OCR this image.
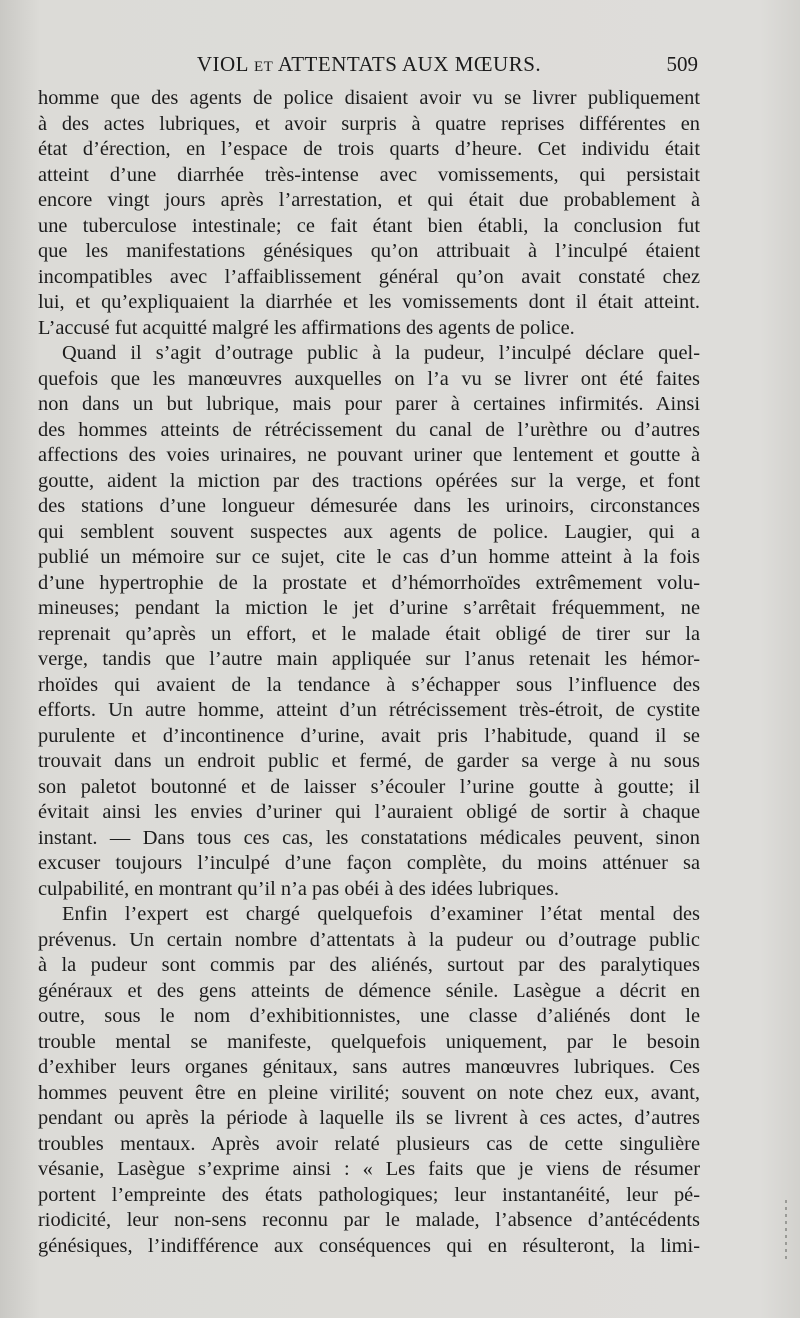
VIOL ET ATTENTATS AUX MŒURS.	509
homme que des agents de police disaient avoir vu se livrer publiquement
à des actes lubriques, et avoir surpris à quatre reprises différentes en
état d’érection, en l’espace de trois quarts d’heure. Cet individu était
atteint d’une diarrhée très-intense avec vomissements, qui persistait
encore vingt jours après l’arrestation, et qui était due probablement à
une tuberculose intestinale; ce fait étant bien établi, la conclusion fut
que les manifestations génésiques qu’on attribuait à l’inculpé étaient
incompatibles avec l’affaiblissement général qu’on avait constaté chez
lui, et qu’expliquaient la diarrhée et les vomissements dont il était atteint.
L’accusé fut acquitté malgré les affirmations des agents de police.
Quand il s’agit d’outrage public à la pudeur, l’inculpé déclare quel-
quefois que les manœuvres auxquelles on l’a vu se livrer ont été faites
non dans un but lubrique, mais pour parer à certaines infirmités. Ainsi
des hommes atteints de rétrécissement du canal de l’urèthre ou d’autres
affections des voies urinaires, ne pouvant uriner que lentement et goutte à
goutte, aident la miction par des tractions opérées sur la verge, et font
des stations d’une longueur démesurée dans les urinoirs, circonstances
qui semblent souvent suspectes aux agents de police. Laugier, qui a
publié un mémoire sur ce sujet, cite le cas d’un homme atteint à la fois
d’une hypertrophie de la prostate et d’hémorrhoïdes extrêmement volu-
mineuses; pendant la miction le jet d’urine s’arrêtait fréquemment, ne
reprenait qu’après un effort, et le malade était obligé de tirer sur la
verge, tandis que l’autre main appliquée sur l’anus retenait les hémor-
rhoïdes qui avaient de la tendance à s’échapper sous l’influence des
efforts. Un autre homme, atteint d’un rétrécissement très-étroit, de cystite
purulente et d’incontinence d’urine, avait pris l’habitude, quand il se
trouvait dans un endroit public et fermé, de garder sa verge à nu sous
son paletot boutonné et de laisser s’écouler l’urine goutte à goutte; il
évitait ainsi les envies d’uriner qui l’auraient obligé de sortir à chaque
instant. — Dans tous ces cas, les constatations médicales peuvent, sinon
excuser toujours l’inculpé d’une façon complète, du moins atténuer sa
culpabilité, en montrant qu’il n’a pas obéi à des idées lubriques.
Enfin l’expert est chargé quelquefois d’examiner l’état mental des
prévenus. Un certain nombre d’attentats à la pudeur ou d’outrage public
à la pudeur sont commis par des aliénés, surtout par des paralytiques
généraux et des gens atteints de démence sénile. Lasègue a décrit en
outre, sous le nom d’exhibitionnistes, une classe d’aliénés dont le
trouble mental se manifeste, quelquefois uniquement, par le besoin
d’exhiber leurs organes génitaux, sans autres manœuvres lubriques. Ces
hommes peuvent être en pleine virilité; souvent on note chez eux, avant,
pendant ou après la période à laquelle ils se livrent à ces actes, d’autres
troubles mentaux. Après avoir relaté plusieurs cas de cette singulière
vésanie, Lasègue s’exprime ainsi : « Les faits que je viens de résumer
portent l’empreinte des états pathologiques; leur instantanéité, leur pé-
riodicité, leur non-sens reconnu par le malade, l’absence d’antécédents
génésiques, l’indifférence aux conséquences qui en résulteront, la limi-
